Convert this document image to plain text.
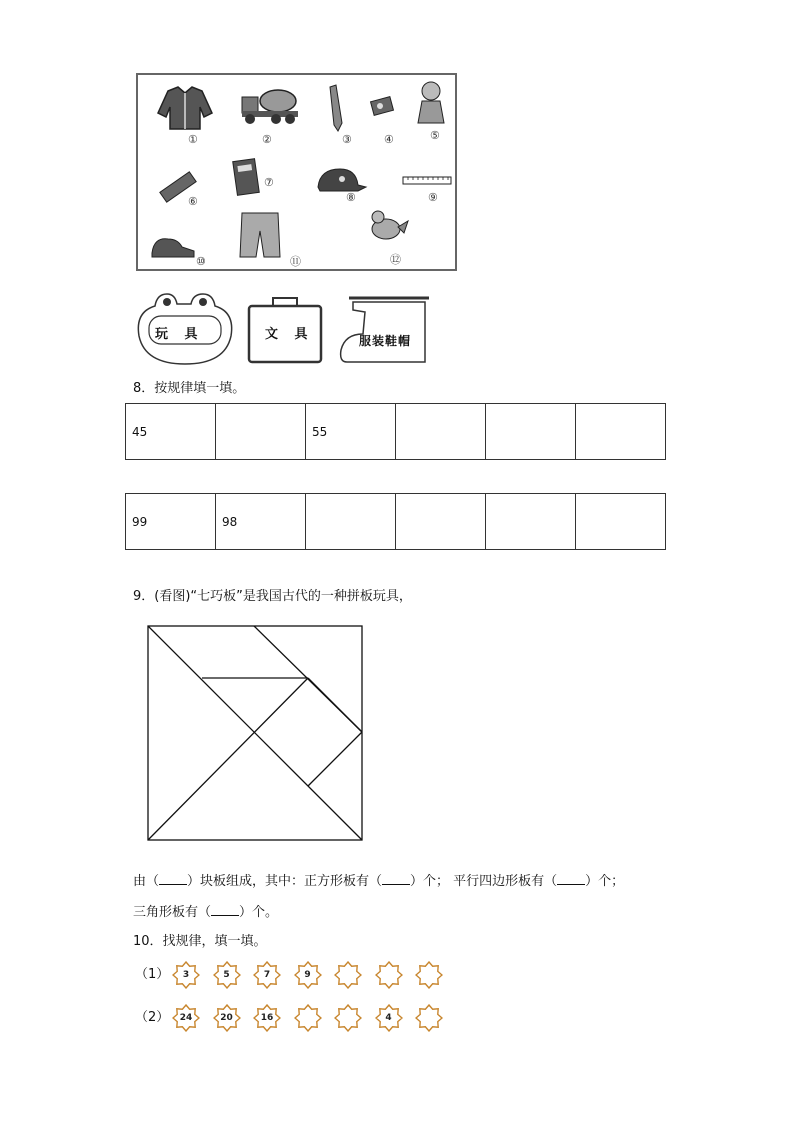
①	②	③	④	⑤
⑥
⑦
⑧	⑨
⑩	⑪	⑫
玩 具	文 具	服装鞋帽
8．按规律填一填。
45		55			
99	98				
9．(看图)“七巧板”是我国古代的一种拼板玩具，
由（ ）块板组成，其中：正方形板有（ ）个； 平行四边形板有（ ）个；
三角形板有（ ）个。
10．找规律，填一填。
（1）
（2）
3	5	7	9
24	20	16	4
